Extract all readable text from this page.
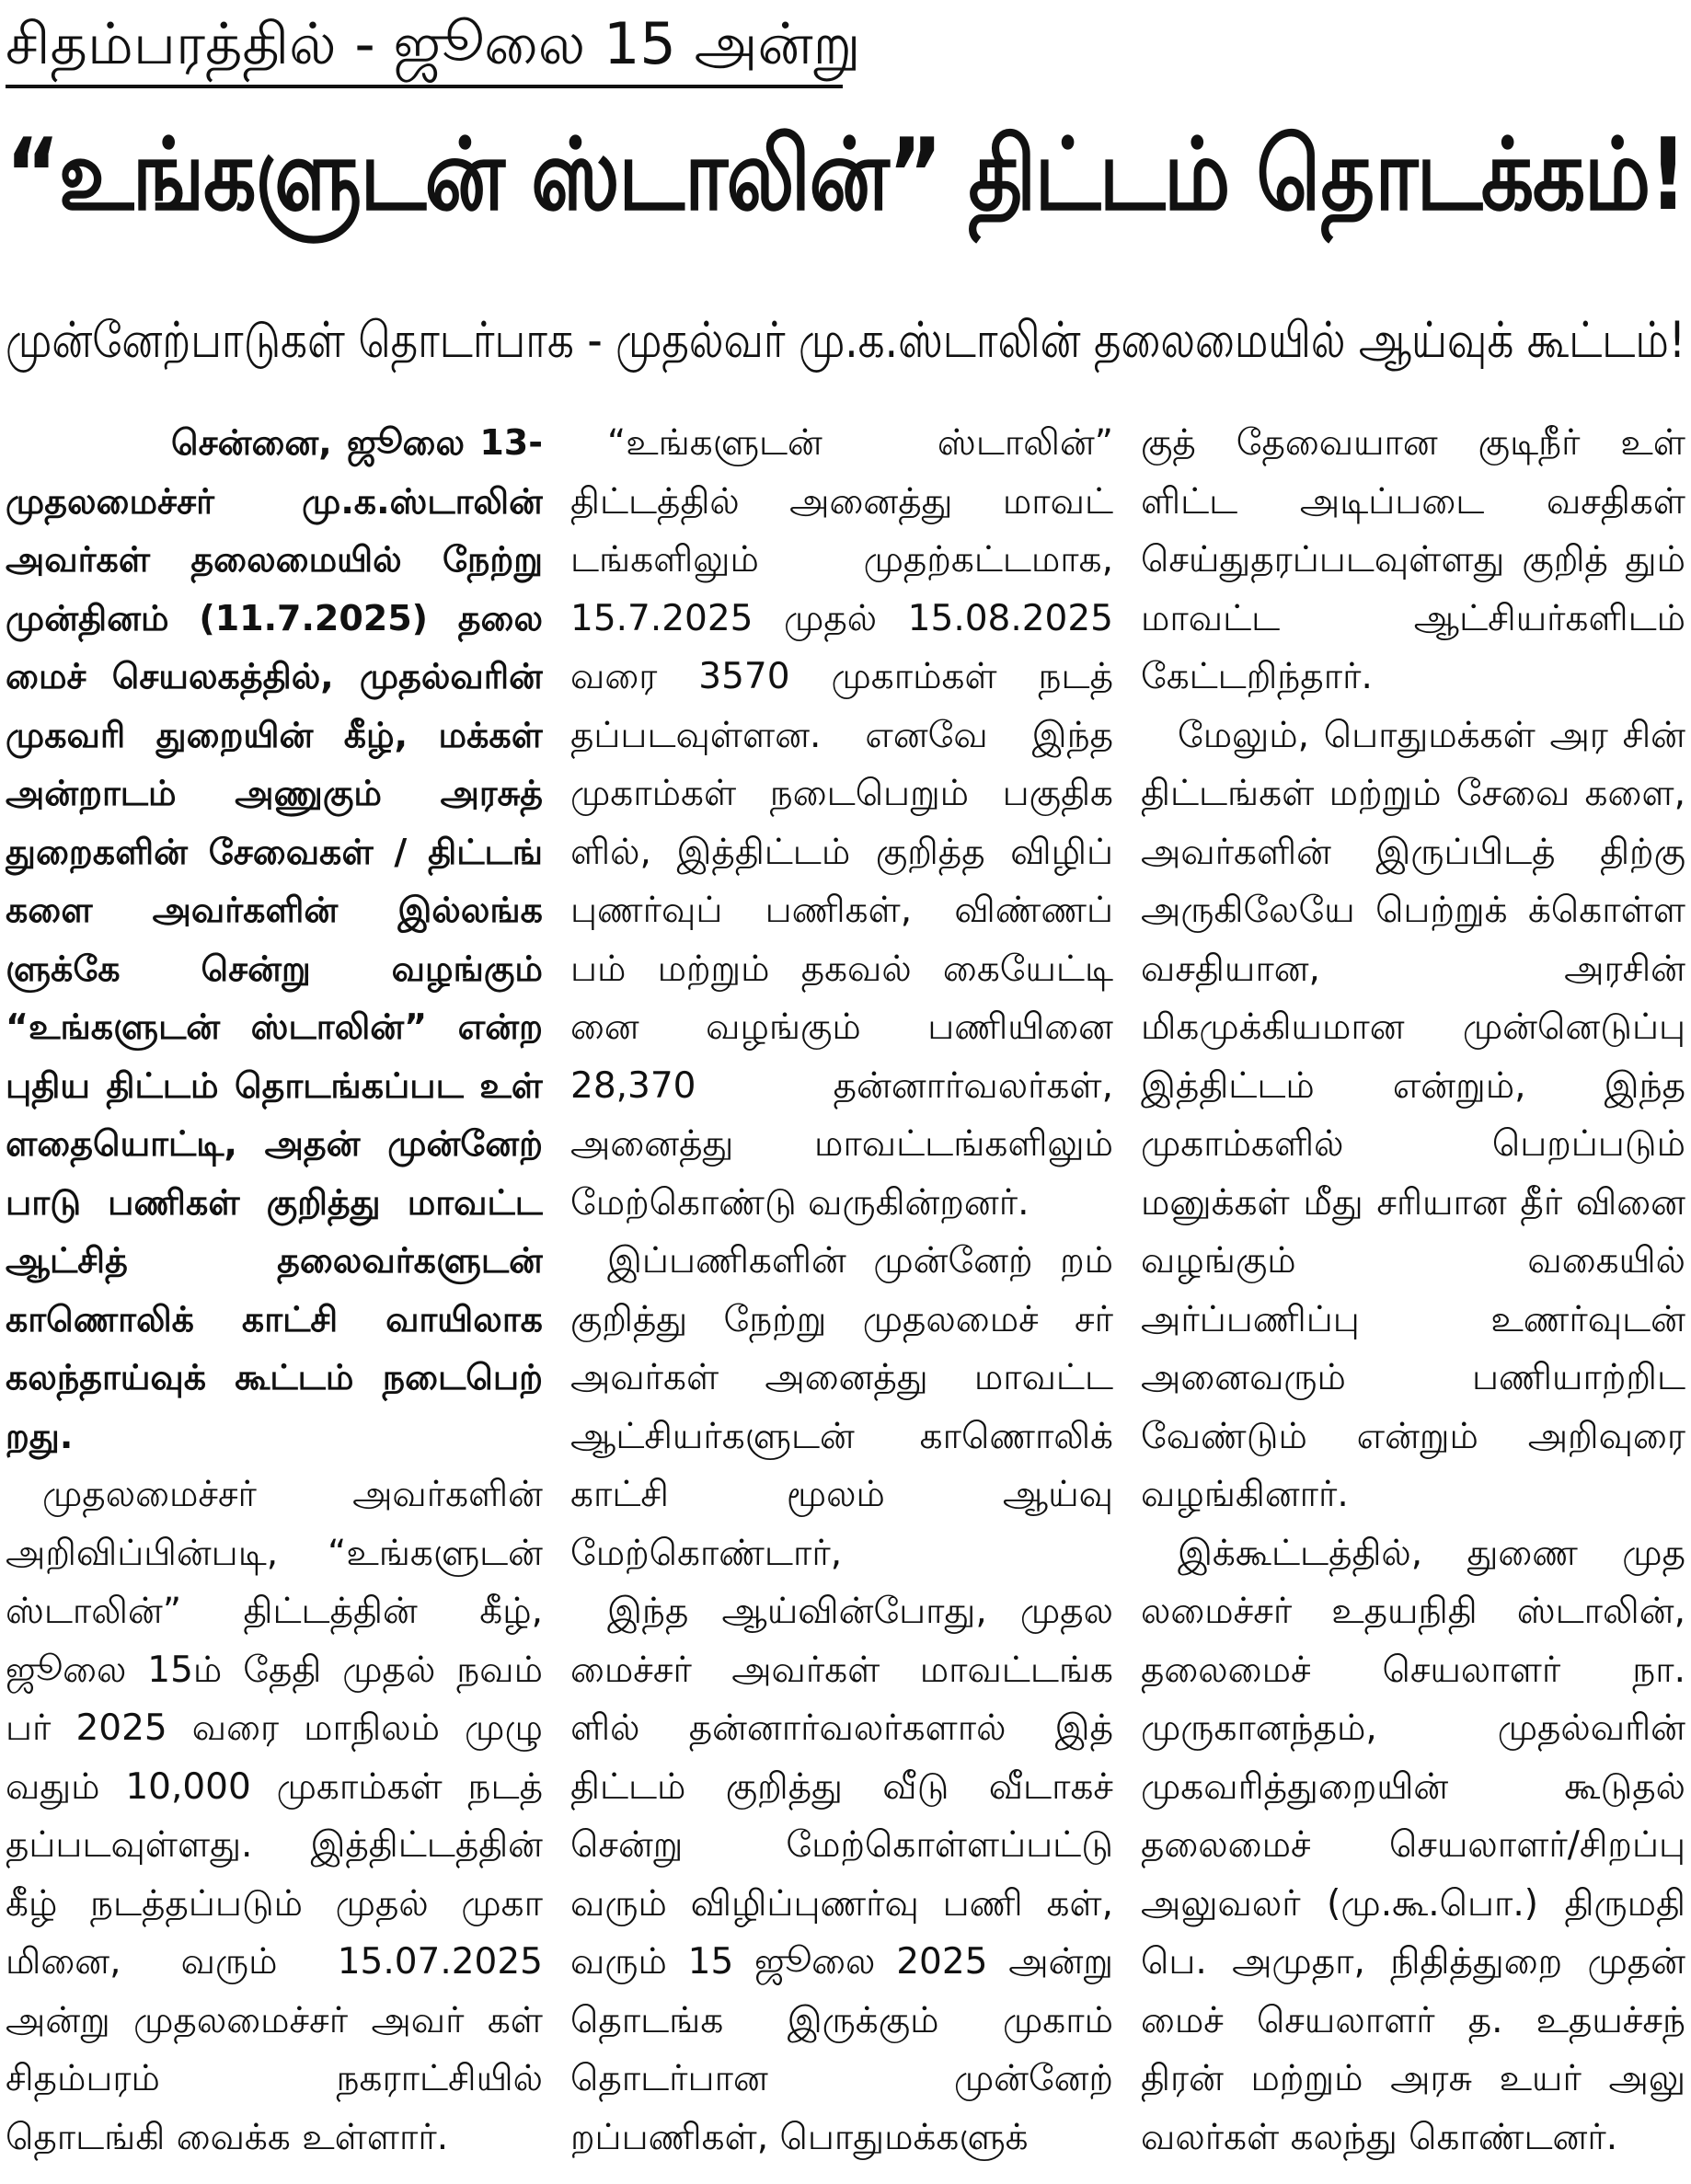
சிதம்பரத்தில் - ஜூலை 15 அன்று
“உங்களுடன் ஸ்டாலின்” திட்டம் தொடக்கம்!
முன்னேற்பாடுகள் தொடர்பாக - முதல்வர் மு.க.ஸ்டாலின் தலைமையில் ஆய்வுக் கூட்டம்!

சென்னை, ஜூலை 13- முதலமைச்சர் மு.க.ஸ்டாலின் அவர்கள் தலைமையில் நேற்று முன்தினம் (11.7.2025) தலை மைச் செயலகத்தில், முதல்வரின் முகவரி துறையின் கீழ், மக்கள் அன்றாடம் அணுகும் அரசுத் துறைகளின் சேவைகள் / திட்டங் களை அவர்களின் இல்லங்க ளுக்கே சென்று வழங்கும் “உங்களுடன் ஸ்டாலின்” என்ற புதிய திட்டம் தொடங்கப்பட உள் ளதையொட்டி, அதன் முன்னேற் பாடு பணிகள் குறித்து மாவட்ட ஆட்சித் தலைவர்களுடன் காணொலிக் காட்சி வாயிலாக கலந்தாய்வுக் கூட்டம் நடைபெற் றது.

முதலமைச்சர் அவர்களின் அறிவிப்பின்படி, “உங்களுடன் ஸ்டாலின்” திட்டத்தின் கீழ், ஜூலை 15ம் தேதி முதல் நவம் பர் 2025 வரை மாநிலம் முழு வதும் 10,000 முகாம்கள் நடத் தப்படவுள்ளது. இத்திட்டத்தின் கீழ் நடத்தப்படும் முதல் முகா மினை, வரும் 15.07.2025 அன்று முதலமைச்சர் அவர் கள் சிதம்பரம் நகராட்சியில் தொடங்கி வைக்க உள்ளார்.

“உங்களுடன் ஸ்டாலின்” திட்டத்தில் அனைத்து மாவட் டங்களிலும் முதற்கட்டமாக, 15.7.2025 முதல் 15.08.2025 வரை 3570 முகாம்கள் நடத் தப்படவுள்ளன. எனவே இந்த முகாம்கள் நடைபெறும் பகுதிக ளில், இத்திட்டம் குறித்த விழிப் புணர்வுப் பணிகள், விண்ணப் பம் மற்றும் தகவல் கையேட்டி னை வழங்கும் பணியினை 28,370 தன்னார்வலர்கள், அனைத்து மாவட்டங்களிலும் மேற்கொண்டு வருகின்றனர்.

இப்பணிகளின் முன்னேற் றம் குறித்து நேற்று முதலமைச் சர் அவர்கள் அனைத்து மாவட்ட ஆட்சியர்களுடன் காணொலிக் காட்சி மூலம் ஆய்வு மேற்கொண்டார்,

இந்த ஆய்வின்போது, முதல மைச்சர் அவர்கள் மாவட்டங்க ளில் தன்னார்வலர்களால் இத் திட்டம் குறித்து வீடு வீடாகச் சென்று மேற்கொள்ளப்பட்டு வரும் விழிப்புணர்வு பணி கள், வரும் 15 ஜூலை 2025 அன்று தொடங்க இருக்கும் முகாம் தொடர்பான முன்னேற் றப்பணிகள், பொதுமக்களுக்

குத் தேவையான குடிநீர் உள் ளிட்ட அடிப்படை வசதிகள் செய்துதரப்படவுள்ளது குறித் தும் மாவட்ட ஆட்சியர்களிடம் கேட்டறிந்தார்.

மேலும், பொதுமக்கள் அர சின் திட்டங்கள் மற்றும் சேவை களை, அவர்களின் இருப்பிடத் திற்கு அருகிலேயே பெற்றுக் க்கொள்ள வசதியான, அரசின் மிகமுக்கியமான முன்னெடுப்பு இத்திட்டம் என்றும், இந்த முகாம்களில் பெறப்படும் மனுக்கள் மீது சரியான தீர் வினை வழங்கும் வகையில் அர்ப்பணிப்பு உணர்வுடன் அனைவரும் பணியாற்றிட வேண்டும் என்றும் அறிவுரை வழங்கினார்.

இக்கூட்டத்தில், துணை முத லமைச்சர் உதயநிதி ஸ்டாலின், தலைமைச் செயலாளர் நா. முருகானந்தம், முதல்வரின் முகவரித்துறையின் கூடுதல் தலைமைச் செயலாளர்/சிறப்பு அலுவலர் (மு.கூ.பொ.) திருமதி பெ. அமுதா, நிதித்துறை முதன் மைச் செயலாளர் த. உதயச்சந் திரன் மற்றும் அரசு உயர் அலு வலர்கள் கலந்து கொண்டனர்.
